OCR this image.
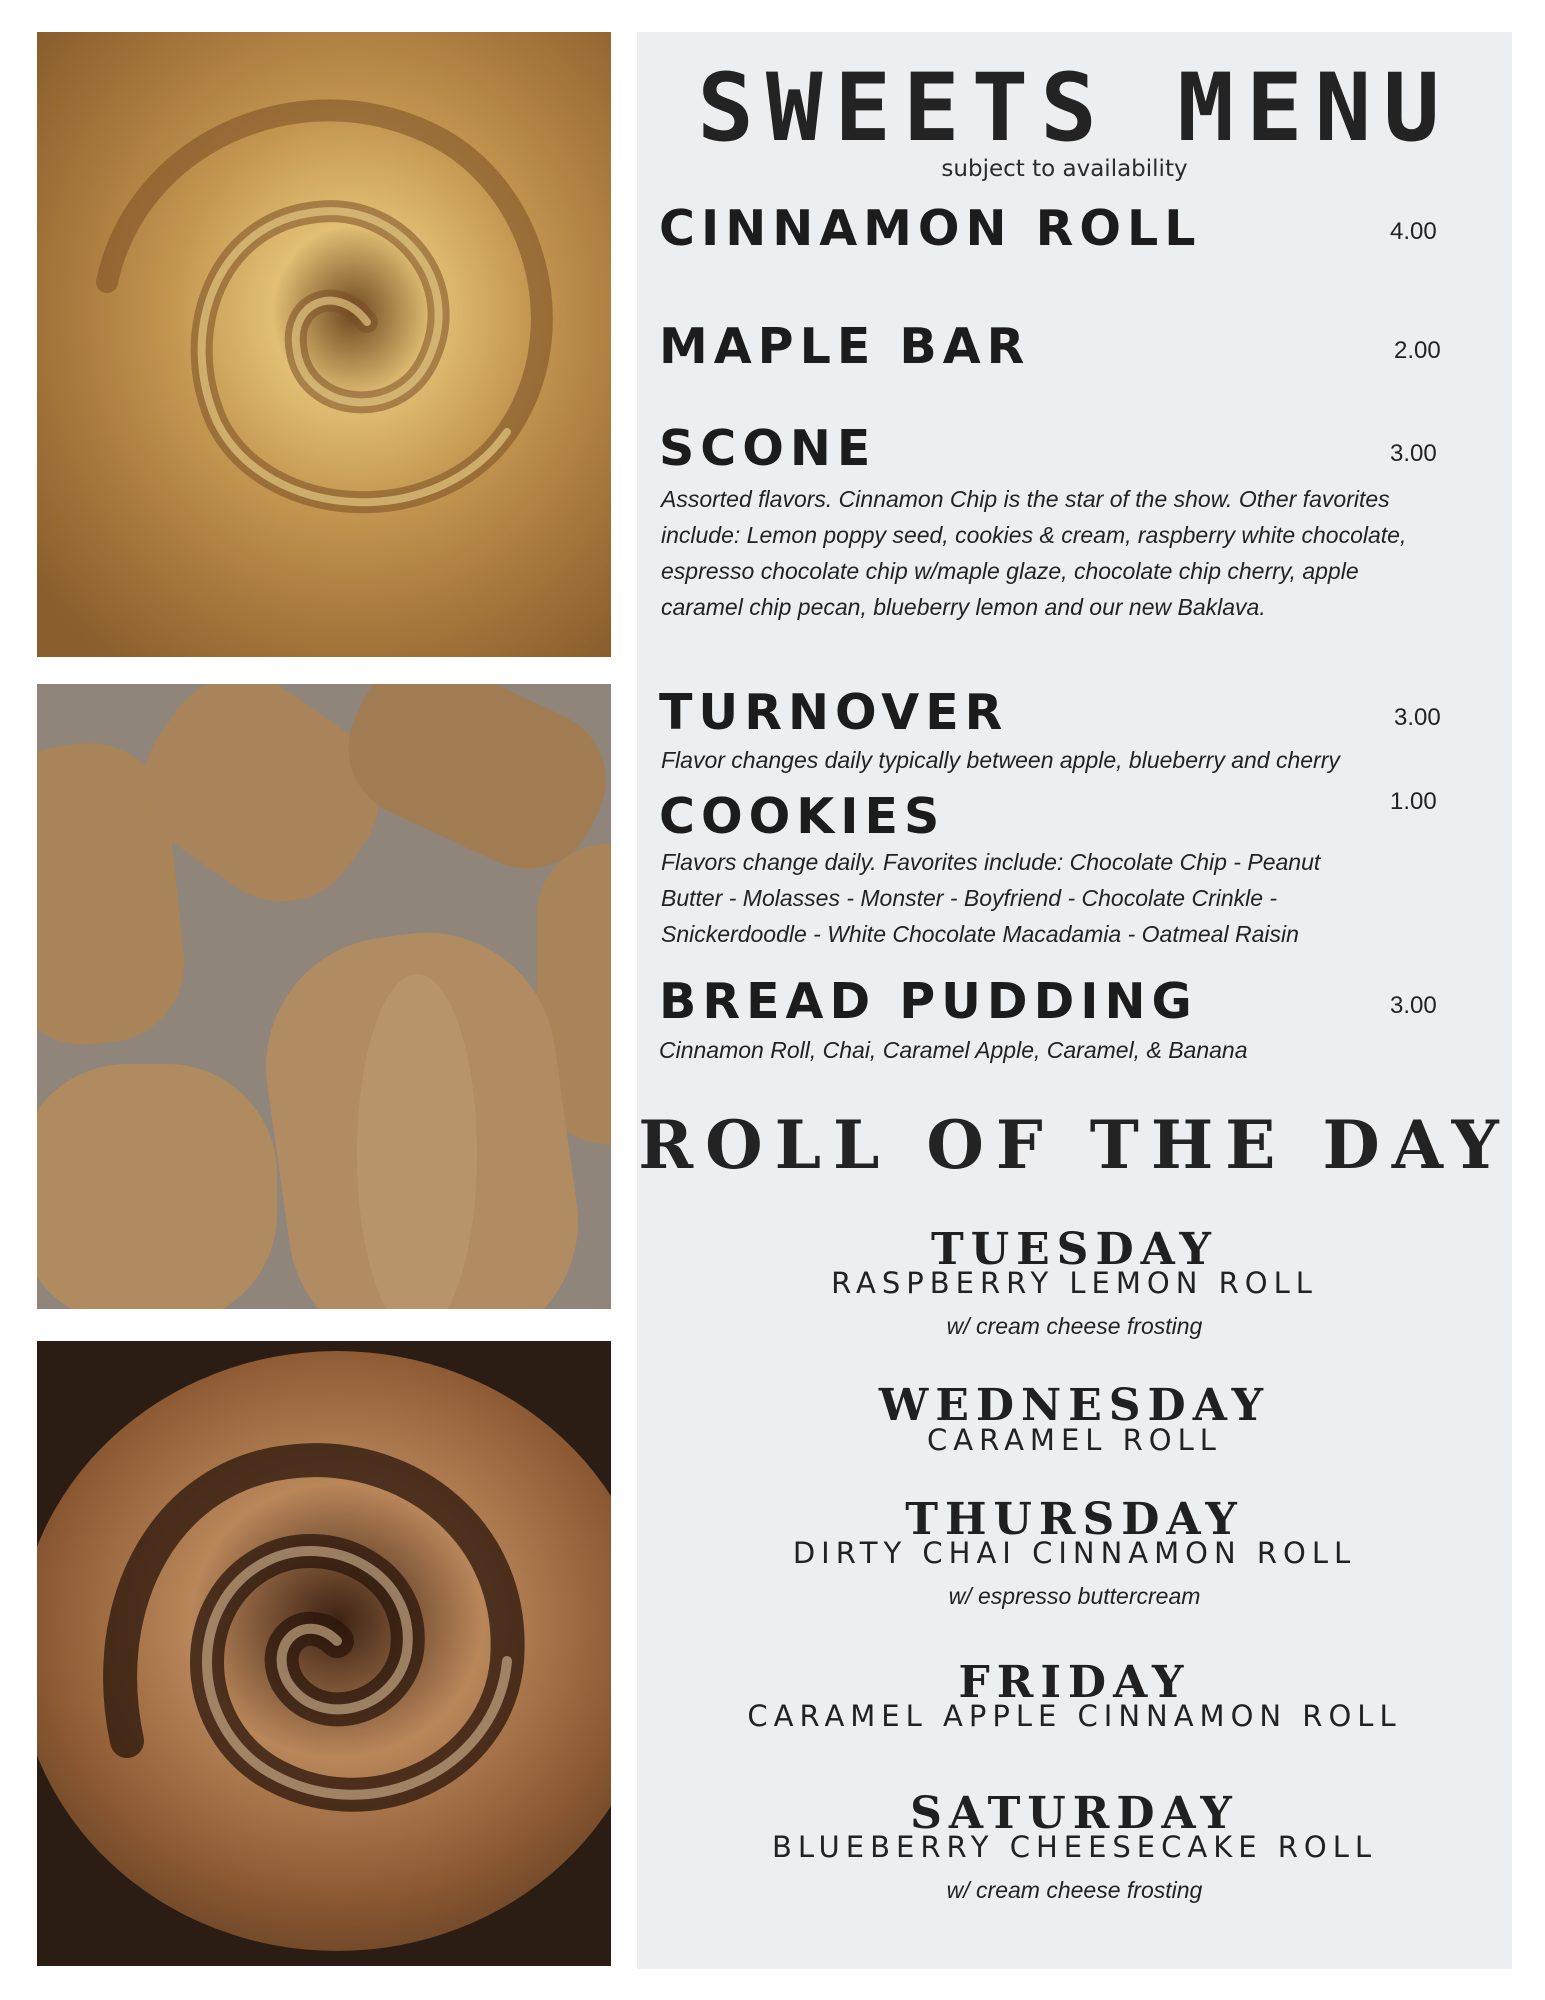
SWEETS MENU
subject to availability
CINNAMON ROLL	4.00
MAPLE BAR	2.00
SCONE	3.00
Assorted flavors. Cinnamon Chip is the star of the show. Other favorites include: Lemon poppy seed, cookies & cream, raspberry white chocolate, espresso chocolate chip w/maple glaze, chocolate chip cherry, apple caramel chip pecan, blueberry lemon and our new Baklava.
TURNOVER	3.00
Flavor changes daily typically between apple, blueberry and cherry
COOKIES	1.00
Flavors change daily. Favorites include: Chocolate Chip - Peanut Butter - Molasses - Monster - Boyfriend - Chocolate Crinkle - Snickerdoodle - White Chocolate Macadamia - Oatmeal Raisin
BREAD PUDDING	3.00
Cinnamon Roll, Chai, Caramel Apple, Caramel, & Banana
ROLL OF THE DAY
TUESDAY
RASPBERRY LEMON ROLL
w/ cream cheese frosting
WEDNESDAY
CARAMEL ROLL
THURSDAY
DIRTY CHAI CINNAMON ROLL
w/ espresso buttercream
FRIDAY
CARAMEL APPLE CINNAMON ROLL
SATURDAY
BLUEBERRY CHEESECAKE ROLL
w/ cream cheese frosting
